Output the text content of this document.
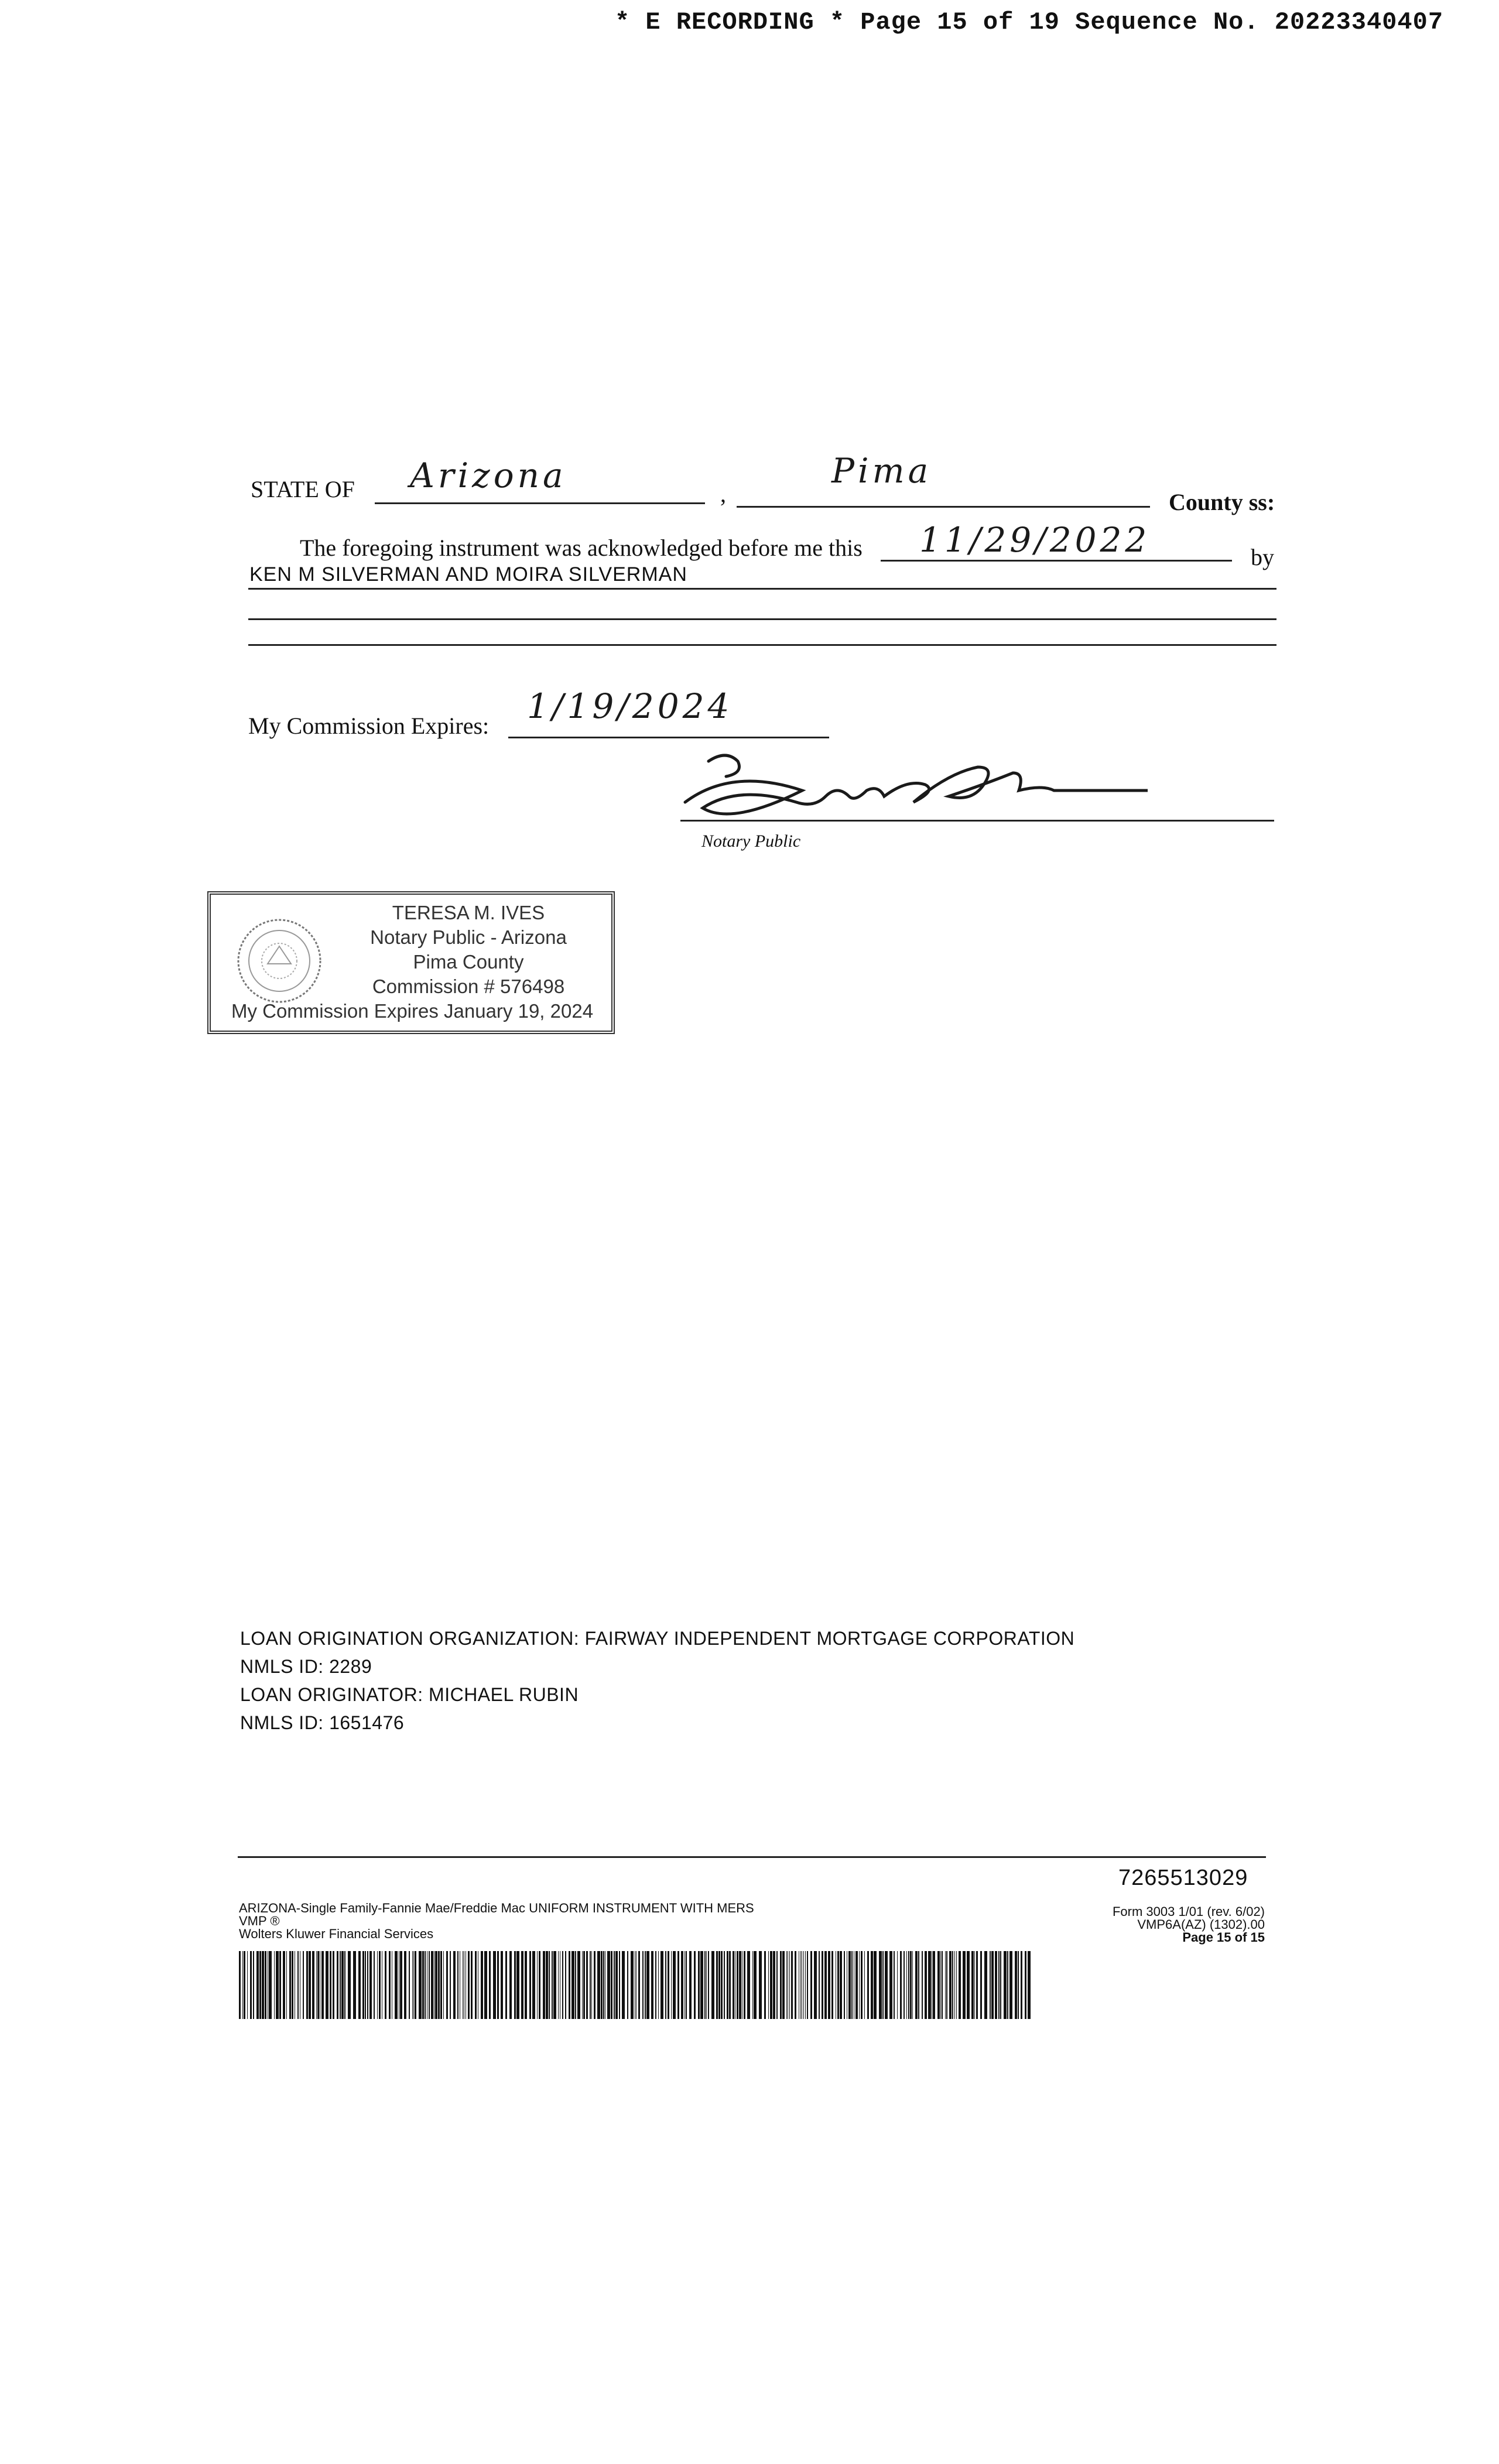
* E RECORDING * Page 15 of 19 Sequence No. 20223340407
STATE OF Arizona	,
Pima
County ss:
The foregoing instrument was acknowledged before me this 11/29/2022	by
KEN M SILVERMAN AND MOIRA SILVERMAN
My Commission Expires: 1/19/2024
Notary Public
TERESA M. IVES
Notary Public - Arizona
Pima County
Commission # 576498
My Commission Expires January 19, 2024
LOAN ORIGINATION ORGANIZATION: FAIRWAY INDEPENDENT MORTGAGE CORPORATION
NMLS ID: 2289
LOAN ORIGINATOR: MICHAEL RUBIN
NMLS ID: 1651476
7265513029
ARIZONA-Single Family-Fannie Mae/Freddie Mac UNIFORM INSTRUMENT WITH MERS
VMP ®
Wolters Kluwer Financial Services
Form 3003 1/01 (rev. 6/02)
VMP6A(AZ) (1302).00
Page 15 of 15
